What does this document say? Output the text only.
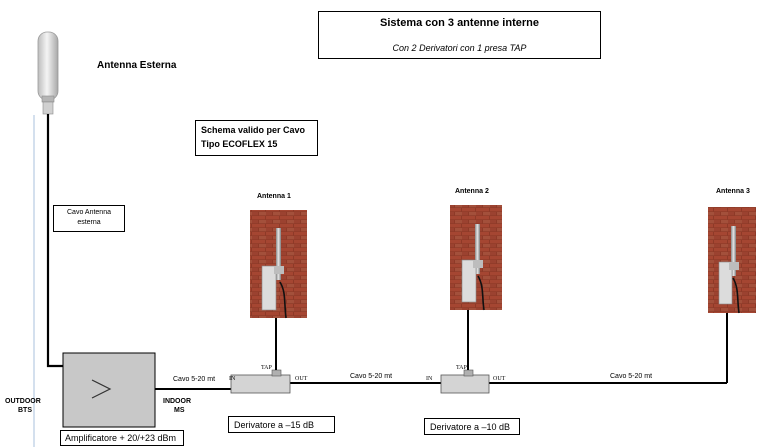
Sistema con 3 antenne interne
Con 2 Derivatori con 1 presa TAP
Antenna Esterna
Schema valido per Cavo
Tipo ECOFLEX 15
Cavo Antenna
esterna
Antenna 1
Antenna 2	Antenna 3
OUTDOOR
BTS
INDOOR
MS
Cavo 5-20 mt	Cavo 5-20 mt	Cavo 5-20 mt
IN
TAP
OUT	IN
TAP
OUT
Derivatore a –15 dB	Derivatore a –10 dB
Amplificatore + 20/+23 dBm
